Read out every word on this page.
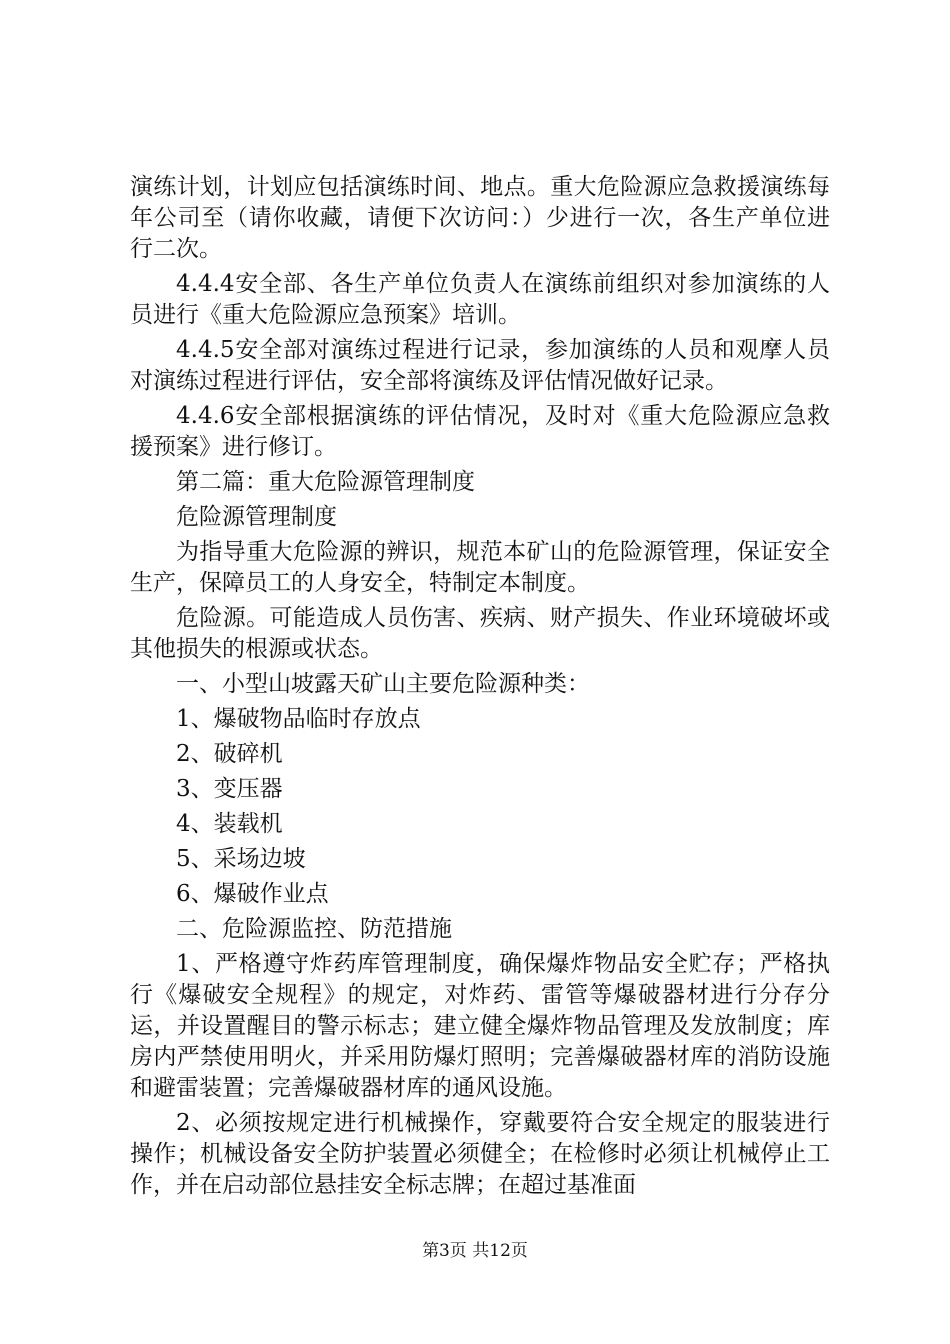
演练计划，计划应包括演练时间、地点。重大危险源应急救援演练每年公司至（请你收藏，请便下次访问：）少进行一次，各生产单位进行二次。

4.4.4安全部、各生产单位负责人在演练前组织对参加演练的人员进行《重大危险源应急预案》培训。

4.4.5安全部对演练过程进行记录，参加演练的人员和观摩人员对演练过程进行评估，安全部将演练及评估情况做好记录。

4.4.6安全部根据演练的评估情况，及时对《重大危险源应急救援预案》进行修订。

第二篇：重大危险源管理制度

危险源管理制度

为指导重大危险源的辨识，规范本矿山的危险源管理，保证安全生产，保障员工的人身安全，特制定本制度。

危险源。可能造成人员伤害、疾病、财产损失、作业环境破坏或其他损失的根源或状态。

一、小型山坡露天矿山主要危险源种类：

1、爆破物品临时存放点

2、破碎机

3、变压器

4、装载机

5、采场边坡

6、爆破作业点

二、危险源监控、防范措施

1、严格遵守炸药库管理制度，确保爆炸物品安全贮存；严格执行《爆破安全规程》的规定，对炸药、雷管等爆破器材进行分存分运，并设置醒目的警示标志；建立健全爆炸物品管理及发放制度；库房内严禁使用明火，并采用防爆灯照明；完善爆破器材库的消防设施和避雷装置；完善爆破器材库的通风设施。

2、必须按规定进行机械操作，穿戴要符合安全规定的服装进行操作；机械设备安全防护装置必须健全；在检修时必须让机械停止工作，并在启动部位悬挂安全标志牌；在超过基准面

第3页 共12页
